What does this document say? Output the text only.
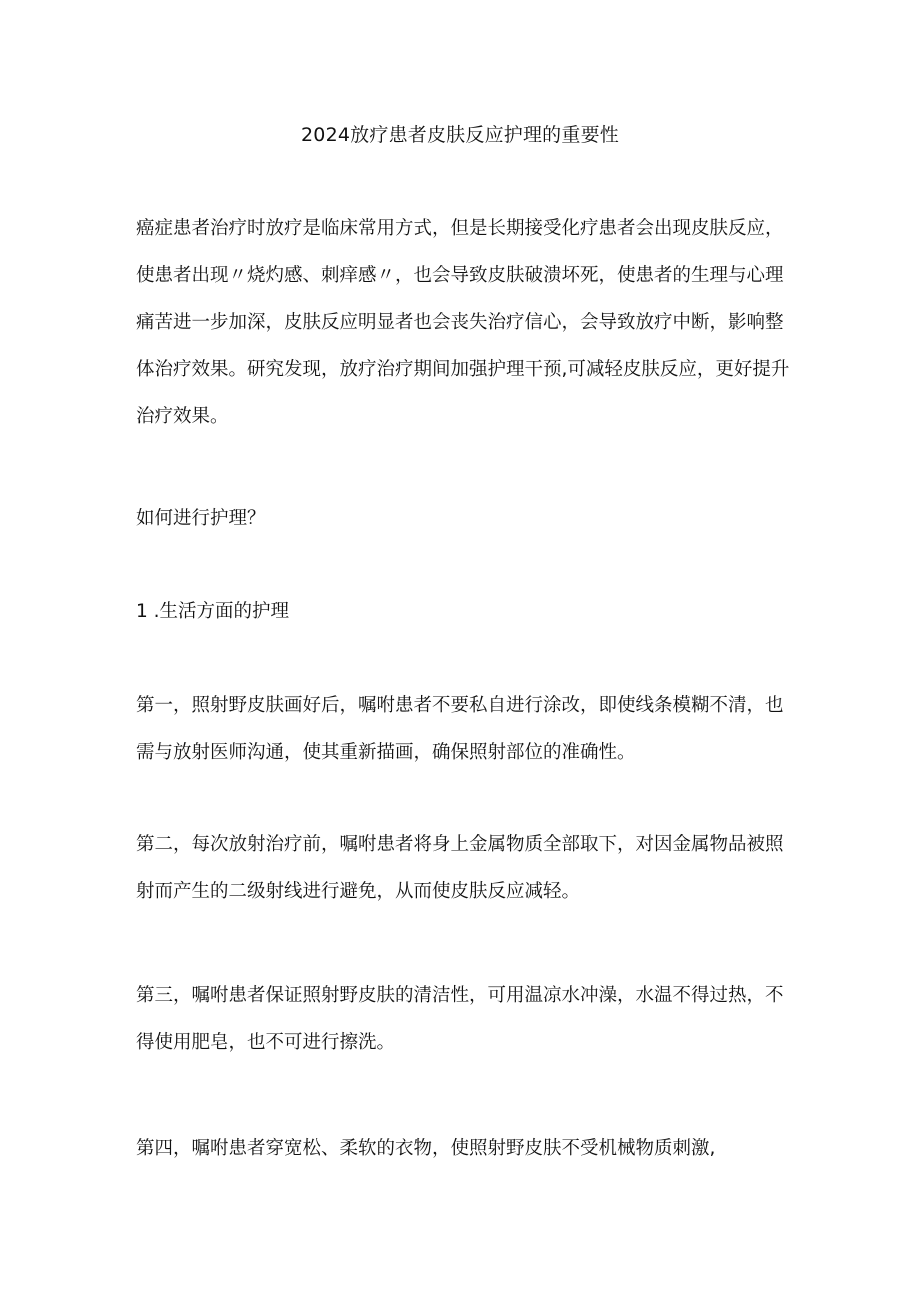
2024放疗患者皮肤反应护理的重要性

癌症患者治疗时放疗是临床常用方式，但是长期接受化疗患者会出现皮肤反应，
使患者出现〃烧灼感、刺痒感〃，也会导致皮肤破溃坏死，使患者的生理与心理
痛苦进一步加深，皮肤反应明显者也会丧失治疗信心，会导致放疗中断，影响整
体治疗效果。研究发现，放疗治疗期间加强护理干预,可减轻皮肤反应，更好提升
治疗效果。

如何进行护理？

1 .生活方面的护理

第一，照射野皮肤画好后，嘱咐患者不要私自进行涂改，即使线条模糊不清，也
需与放射医师沟通，使其重新描画，确保照射部位的准确性。

第二，每次放射治疗前，嘱咐患者将身上金属物质全部取下，对因金属物品被照
射而产生的二级射线进行避免，从而使皮肤反应减轻。

第三，嘱咐患者保证照射野皮肤的清洁性，可用温凉水冲澡，水温不得过热，不
得使用肥皂，也不可进行擦洗。

第四，嘱咐患者穿宽松、柔软的衣物，使照射野皮肤不受机械物质刺激,
